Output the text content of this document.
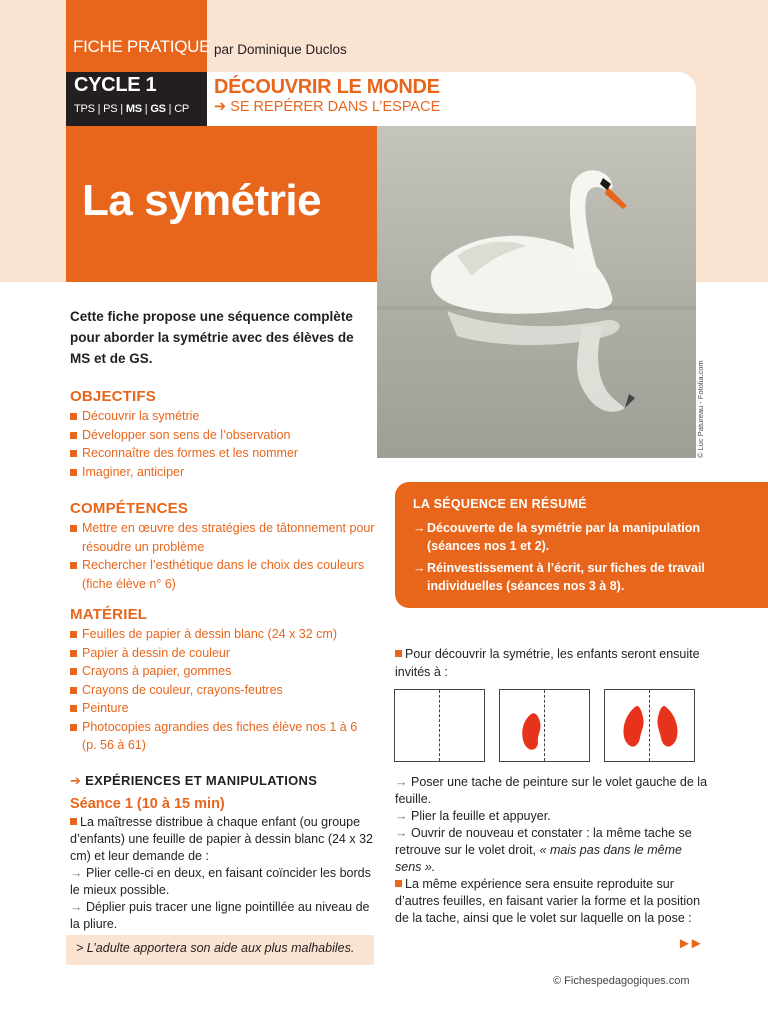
FICHE PRATIQUE par Dominique Duclos
CYCLE 1
TPS | PS | MS | GS | CP
DÉCOUVRIR LE MONDE
➔ SE REPÉRER DANS L’ESPACE
La symétrie
© Luc Patureau - Fotolia.com
Cette fiche propose une séquence complète pour aborder la symétrie avec des élèves de MS et de GS.
OBJECTIFS
Découvrir la symétrie
Développer son sens de l’observation
Reconnaître des formes et les nommer
Imaginer, anticiper
COMPÉTENCES
Mettre en œuvre des stratégies de tâtonnement pour résoudre un problème
Rechercher l’esthétique dans le choix des couleurs (fiche élève n° 6)
MATÉRIEL
Feuilles de papier à dessin blanc (24 x 32 cm)
Papier à dessin de couleur
Crayons à papier, gommes
Crayons de couleur, crayons-feutres
Peinture
Photocopies agrandies des fiches élève nos 1 à 6 (p. 56 à 61)
➔ EXPÉRIENCES ET MANIPULATIONS
Séance 1 (10 à 15 min)

La maîtresse distribue à chaque enfant (ou groupe d’enfants) une feuille de papier à dessin blanc (24 x 32 cm) et leur demande de :

→ Plier celle-ci en deux, en faisant coïncider les bords le mieux possible.

→ Déplier puis tracer une ligne pointillée au niveau de la pliure.

> L’adulte apportera son aide aux plus malhabiles.
LA SÉQUENCE EN RÉSUMÉ

→ Découverte de la symétrie par la manipulation (séances nos 1 et 2).

→ Réinvestissement à l’écrit, sur fiches de travail individuelles (séances nos 3 à 8).

Pour découvrir la symétrie, les enfants seront ensuite invités à :

→ Poser une tache de peinture sur le volet gauche de la feuille.

→ Plier la feuille et appuyer.

→ Ouvrir de nouveau et constater : la même tache se retrouve sur le volet droit, « mais pas dans le même sens ».

La même expérience sera ensuite reproduite sur d’autres feuilles, en faisant varier la forme et la position de la tache, ainsi que le volet sur laquelle on la pose :

►►
© Fichespedagogiques.com
